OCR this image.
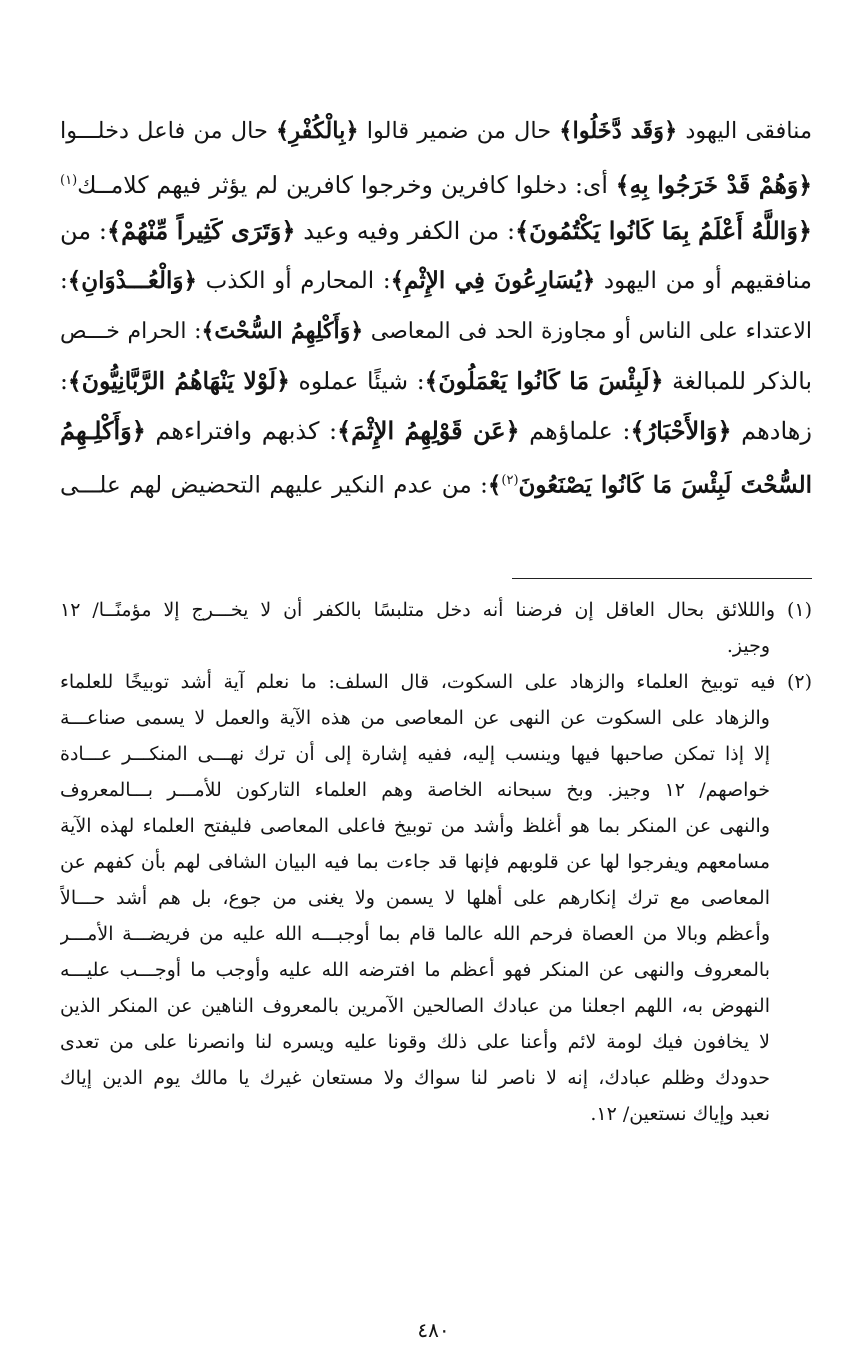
منافقى اليهود ﴿وَقَد دَّخَلُوا﴾ حال من ضمير قالوا ﴿بِالْكُفْرِ﴾ حال من فاعل دخلـــوا
﴿وَهُمْ قَدْ خَرَجُوا بِهِ﴾ أى: دخلوا كافرين وخرجوا كافرين لم يؤثر فيهم كلامــك$^{(١)}$
﴿وَاللَّهُ أَعْلَمُ بِمَا كَانُوا يَكْتُمُونَ﴾: من الكفر وفيه وعيد ﴿وَتَرَى كَثِيراً مِّنْهُمْ﴾: من
منافقيهم أو من اليهود ﴿يُسَارِعُونَ فِي الإِثْمِ﴾: المحارم أو الكذب ﴿وَالْعُـــدْوَانِ﴾:
الاعتداء على الناس أو مجاوزة الحد فى المعاصى ﴿وَأَكْلِهِمُ السُّحْتَ﴾: الحرام خـــص
بالذكر للمبالغة ﴿لَبِئْسَ مَا كَانُوا يَعْمَلُونَ﴾: شيئًا عملوه ﴿لَوْلا يَنْهَاهُمُ الرَّبَّانِيُّونَ﴾:
زهادهم ﴿وَالأَحْبَارُ﴾: علماؤهم ﴿عَن قَوْلِهِمُ الإِثْمَ﴾: كذبهم وافتراءهم ﴿وَأَكْلِـهِمُ
السُّحْتَ لَبِئْسَ مَا كَانُوا يَصْنَعُونَ$^{(٢)}$﴾: من عدم النكير عليهم التحضيض لهم علـــى
(١) والللائق بحال العاقل إن فرضنا أنه دخل متلبسًا بالكفر أن لا يخـــرج إلا مؤمنًــا/ ١٢
وجيز.
(٢) فيه توبيخ العلماء والزهاد على السكوت، قال السلف: ما نعلم آية أشد توبيخًا للعلماء
والزهاد على السكوت عن النهى عن المعاصى من هذه الآية والعمل لا يسمى صناعـــة
إلا إذا تمكن صاحبها فيها وينسب إليه، ففيه إشارة إلى أن ترك نهـــى المنكـــر عـــادة
خواصهم/ ١٢ وجيز. وبخ سبحانه الخاصة وهم العلماء التاركون للأمـــر بـــالمعروف
والنهى عن المنكر بما هو أغلظ وأشد من توبيخ فاعلى المعاصى فليفتح العلماء لهذه الآية
مسامعهم ويفرجوا لها عن قلوبهم فإنها قد جاءت بما فيه البيان الشافى لهم بأن كفهم عن
المعاصى مع ترك إنكارهم على أهلها لا يسمن ولا يغنى من جوع، بل هم أشد حـــالاً
وأعظم وبالا من العصاة فرحم الله عالما قام بما أوجبـــه الله عليه من فريضـــة الأمـــر
بالمعروف والنهى عن المنكر فهو أعظم ما افترضه الله عليه وأوجب ما أوجـــب عليـــه
النهوض به، اللهم اجعلنا من عبادك الصالحين الآمرين بالمعروف الناهين عن المنكر الذين
لا يخافون فيك لومة لائم وأعنا على ذلك وقونا عليه ويسره لنا وانصرنا على من تعدى
حدودك وظلم عبادك، إنه لا ناصر لنا سواك ولا مستعان غيرك يا مالك يوم الدين إياك
نعبد وإياك نستعين/ ١٢.
٤٨٠
